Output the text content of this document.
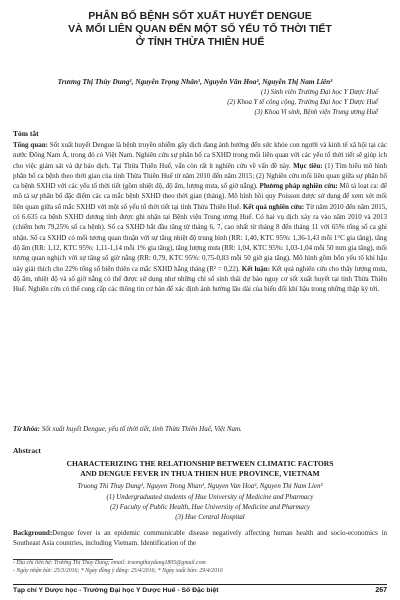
PHÂN BỐ BỆNH SỐT XUẤT HUYẾT DENGUE
VÀ MỐI LIÊN QUAN ĐẾN MỘT SỐ YẾU TỐ THỜI TIẾT
Ở TỈNH THỪA THIÊN HUẾ
Trương Thị Thùy Dung¹, Nguyễn Trọng Nhân¹, Nguyễn Văn Hoa², Nguyễn Thị Nam Liên³
(1) Sinh viên Trường Đại học Y Dược Huế
(2) Khoa Y tế công cộng, Trường Đại học Y Dược Huế
(3) Khoa Vi sinh, Bệnh viện Trung ương Huế
Tóm tắt
Tổng quan: Sốt xuất huyết Dengue là bệnh truyền nhiễm gây dịch đang ảnh hưởng đến sức khỏe con người và kinh tế xã hội tại các nước Đông Nam Á, trong đó có Việt Nam. Nghiên cứu sự phân bố ca SXHD trong mối liên quan với các yếu tố thời tiết sẽ giúp ích cho việc giám sát và dự báo dịch. Tại Thừa Thiên Huế, vấn còn rất ít nghiên cứu về vấn đề này. Mục tiêu: (1) Tìm hiểu mô hình phân bố ca bệnh theo thời gian của tỉnh Thừa Thiên Huế từ năm 2010 đến năm 2015; (2) Nghiên cứu mối liên quan giữa sự phân bố ca bệnh SXHD với các yếu tố thời tiết (gồm nhiệt độ, độ ẩm, lượng mưa, số giờ nắng). Phương pháp nghiên cứu: Mô tả loạt ca: để mô tả sự phân bố đặc điểm các ca mắc bệnh SXHD theo thời gian (tháng). Mô hình hồi quy Poisson được sử dụng để xem xét mối liên quan giữa số mắc SXHD với một số yếu tố thời tiết tại tỉnh Thừa Thiên Huế. Kết quả nghiên cứu: Từ năm 2010 đến năm 2015, có 6.635 ca bệnh SXHD dương tính được ghi nhận tại Bệnh viện Trung ương Huế. Có hai vụ dịch xảy ra vào năm 2010 và 2013 (chiếm hơn 79,25% số ca bệnh). Số ca SXHD bắt đầu tăng từ tháng 6, 7, cao nhất từ tháng 8 đến tháng 11 với 65% tổng số ca ghi nhận. Số ca SXHD có mối tương quan thuận với sự tăng nhiệt độ trung bình (RR: 1,40, KTC 95%: 1,36-1,43 mỗi 1°C gia tăng), tăng độ ẩm (RR: 1,12, KTC 95%: 1,11-1,14 mỗi 1% gia tăng), tăng lượng mưa (RR: 1,04, KTC 95%: 1,03-1,04 mỗi 50 mm gia tăng), mối tương quan nghịch với sự tăng số giờ nắng (RR: 0,79, KTC 95%: 0,75-0,83 mỗi 50 giờ gia tăng). Mô hình gồm bốn yếu tố khí hậu này giải thích cho 22% tổng số biến thiên ca mắc SXHD hằng tháng (R² = 0,22). Kết luận: Kết quả nghiên cứu cho thấy lượng mưa, độ ẩm, nhiệt độ và số giờ nắng có thể được sử dụng như những chỉ số sinh thái dự báo nguy cơ sốt xuất huyết tại tỉnh Thừa Thiên Huế. Nghiên cứu có thể cung cấp các thông tin cơ bản để xác định ảnh hưởng lâu dài của biến đổi khí hậu trong những thập kỷ tới.
Từ khóa: Sốt xuất huyết Dengue, yếu tố thời tiết, tỉnh Thừa Thiên Huế, Việt Nam.
Abstract
CHARACTERIZING THE RELATIONSHIP BETWEEN CLIMATIC FACTORS
AND DENGUE FEVER IN THUA THIEN HUE PROVINCE, VIETNAM
Truong Thi Thuy Dung¹, Nguyen Trong Nhan¹, Nguyen Van Hoa², Nguyen Thi Nam Lien³
(1) Undergraduated students of Hue University of Medicine and Pharmacy
(2) Faculty of Public Health, Hue University of Medicine and Pharmacy
(3) Hue Central Hospital
Background:Dengue fever is an epidemic communicable disease negatively affecting human health and socio-economics in Southeast Asia countries, including Vietnam. Identification of the
- Địa chỉ liên hệ: Trương Thị Thùy Dung; email: truongthuydung1805@gmail.com
- Ngày nhận bài: 25/3/2016; * Ngày đồng ý đăng: 25/4/2016; * Ngày xuất bản: 29/4/2016
Tạp chí Y Dược học - Trường Đại học Y Dược Huế - Số Đặc biệt	267
